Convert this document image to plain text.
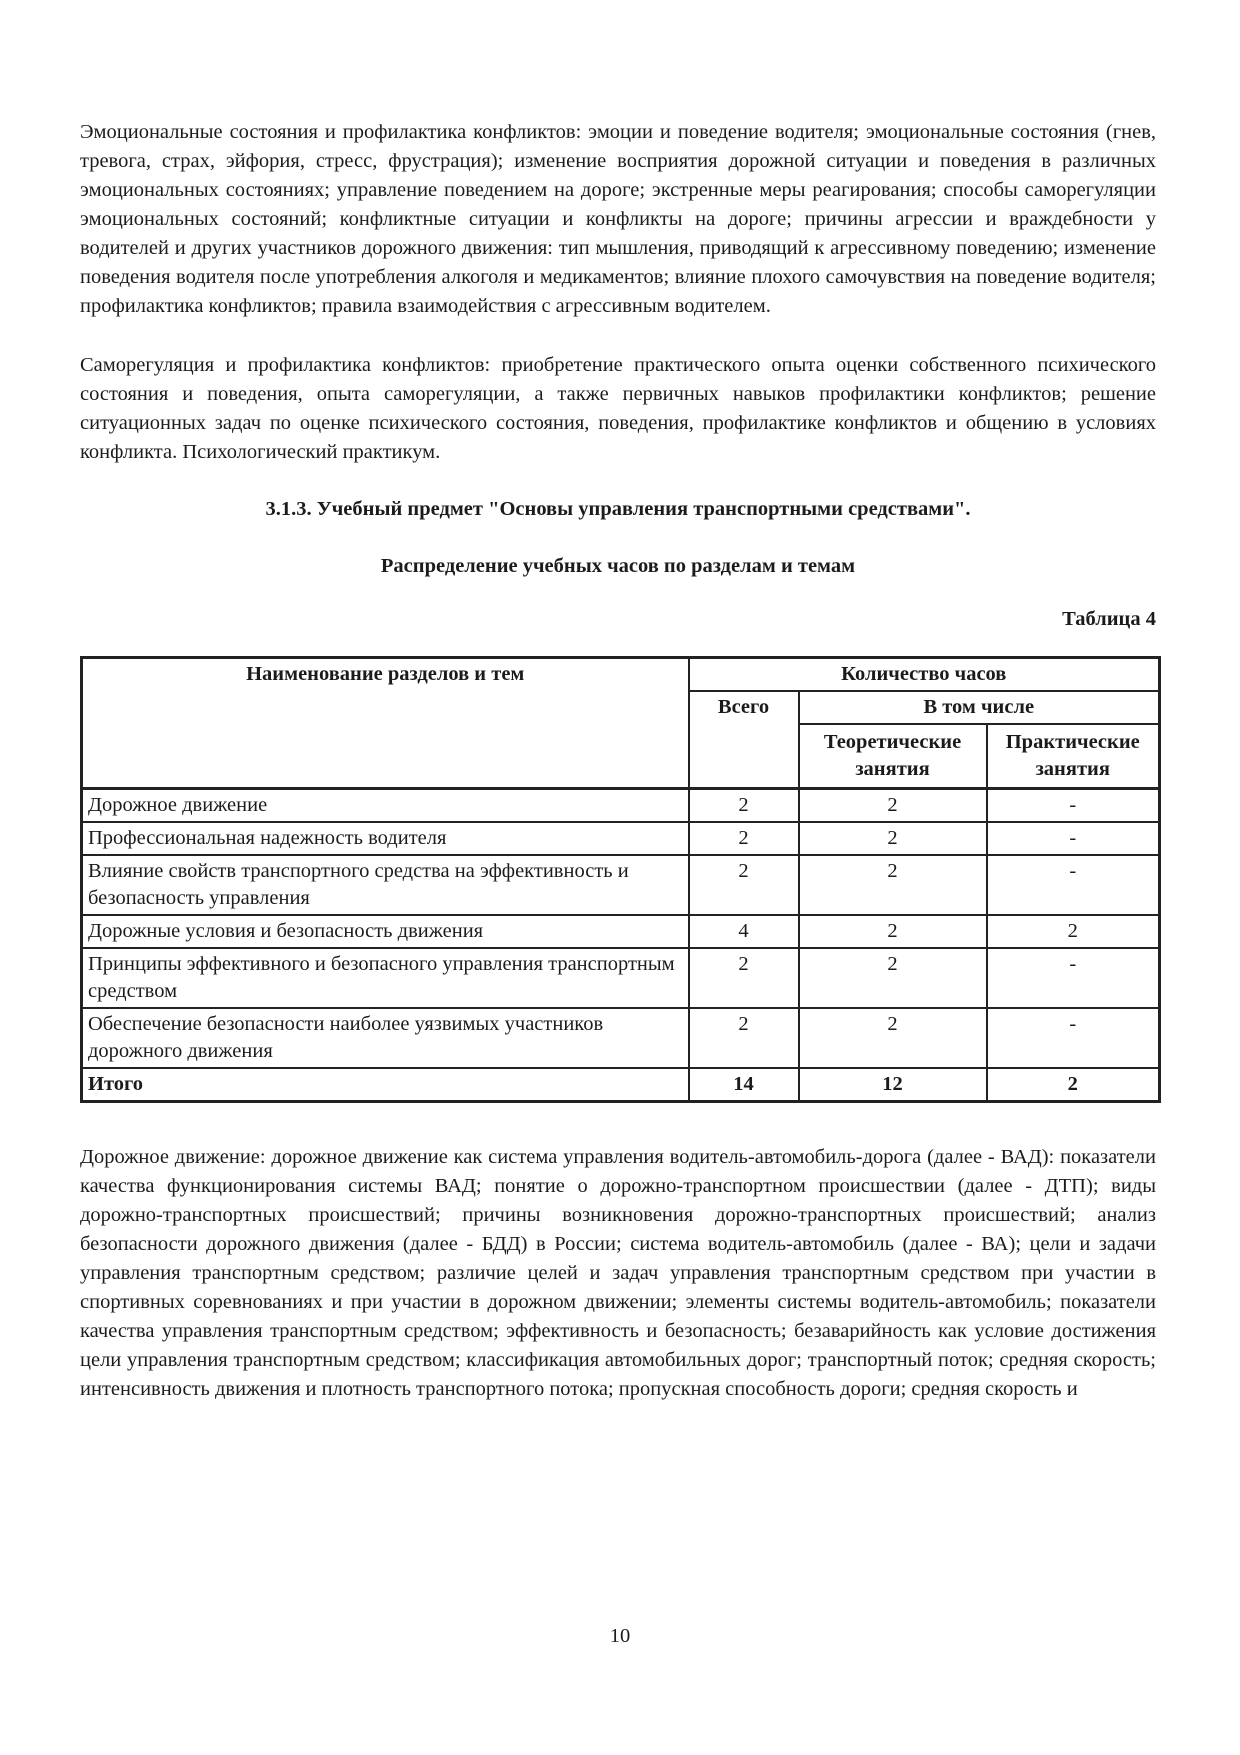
Эмоциональные состояния и профилактика конфликтов: эмоции и поведение водителя; эмоциональные состояния (гнев, тревога, страх, эйфория, стресс, фрустрация); изменение восприятия дорожной ситуации и поведения в различных эмоциональных состояниях; управление поведением на дороге; экстренные меры реагирования; способы саморегуляции эмоциональных состояний; конфликтные ситуации и конфликты на дороге; причины агрессии и враждебности у водителей и других участников дорожного движения: тип мышления, приводящий к агрессивному поведению; изменение поведения водителя после употребления алкоголя и медикаментов; влияние плохого самочувствия на поведение водителя; профилактика конфликтов; правила взаимодействия с агрессивным водителем.

Саморегуляция и профилактика конфликтов: приобретение практического опыта оценки собственного психического состояния и поведения, опыта саморегуляции, а также первичных навыков профилактики конфликтов; решение ситуационных задач по оценке психического состояния, поведения, профилактике конфликтов и общению в условиях конфликта. Психологический практикум.

3.1.3. Учебный предмет "Основы управления транспортными средствами".
Распределение учебных часов по разделам и темам
Таблица 4
Наименование разделов и тем	Количество часов		
	Всего	В том числе	
		Теоретические занятия	Практические занятия
Дорожное движение	2	2	-
Профессиональная надежность водителя	2	2	-
Влияние свойств транспортного средства на эффективность и безопасность управления	2	2	-
Дорожные условия и безопасность движения	4	2	2
Принципы эффективного и безопасного управления транспортным средством	2	2	-
Обеспечение безопасности наиболее уязвимых участников дорожного движения	2	2	-
Итого	14	12	2

Дорожное движение: дорожное движение как система управления водитель-автомобиль-дорога (далее - ВАД): показатели качества функционирования системы ВАД; понятие о дорожно-транспортном происшествии (далее - ДТП); виды дорожно-транспортных происшествий; причины возникновения дорожно-транспортных происшествий; анализ безопасности дорожного движения (далее - БДД) в России; система водитель-автомобиль (далее - ВА); цели и задачи управления транспортным средством; различие целей и задач управления транспортным средством при участии в спортивных соревнованиях и при участии в дорожном движении; элементы системы водитель-автомобиль; показатели качества управления транспортным средством; эффективность и безопасность; безаварийность как условие достижения цели управления транспортным средством; классификация автомобильных дорог; транспортный поток; средняя скорость; интенсивность движения и плотность транспортного потока; пропускная способность дороги; средняя скорость и

10
